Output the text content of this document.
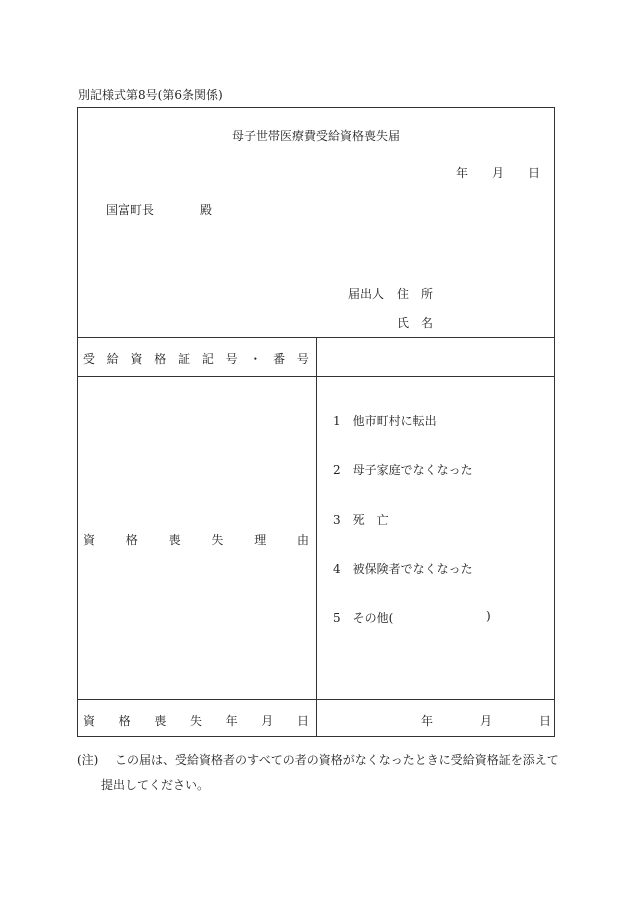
別記様式第8号(第6条関係)
母子世帯医療費受給資格喪失届
年 月 日
国富町長	殿
届出人 住 所
氏 名
受 給 資 格 証 記 号 ・ 番 号
資	格	喪	失	理	由
1　 他市町村に転出
2　 母子家庭でなくなった
3　 死　亡
4　 被保険者でなくなった
5　 その他(	)
資 格 喪 失 年 月 日	年	月	日
(注) この届は、受給資格者のすべての者の資格がなくなったときに受給資格証を添えて
提出してください。
